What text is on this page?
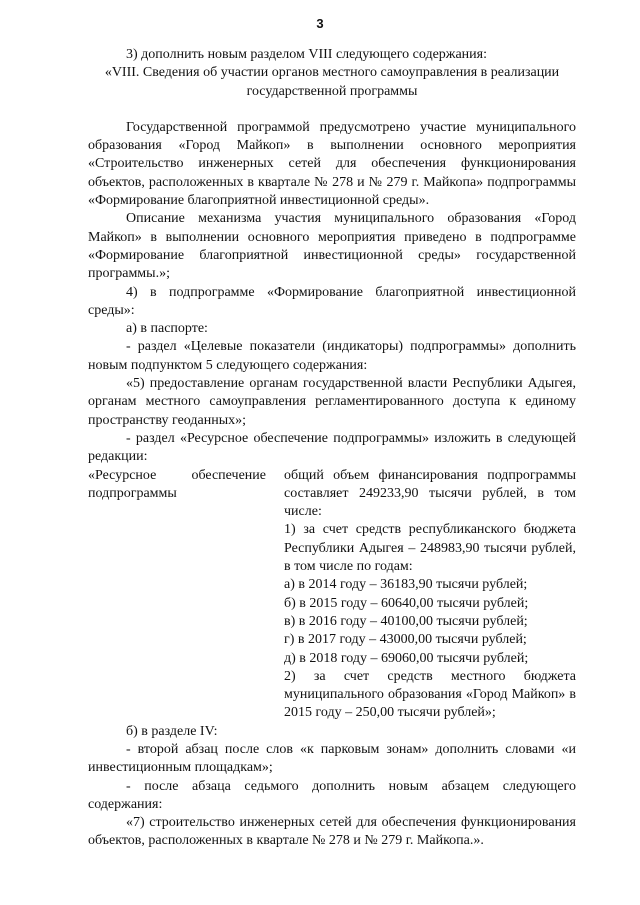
3

3) дополнить новым разделом VIII следующего содержания:

«VIII. Сведения об участии органов местного самоуправления в реализации государственной программы

Государственной программой предусмотрено участие муниципального образования «Город Майкоп» в выполнении основного мероприятия «Строительство инженерных сетей для обеспечения функционирования объектов, расположенных в квартале № 278 и № 279 г. Майкопа» подпрограммы «Формирование благоприятной инвестиционной среды».

Описание механизма участия муниципального образования «Город Майкоп» в выполнении основного мероприятия приведено в подпрограмме «Формирование благоприятной инвестиционной среды» государственной программы.»;

4) в подпрограмме «Формирование благоприятной инвестиционной среды»:

а) в паспорте:

- раздел «Целевые показатели (индикаторы) подпрограммы» дополнить новым подпунктом 5 следующего содержания:

«5) предоставление органам государственной власти Республики Адыгея, органам местного самоуправления регламентированного доступа к единому пространству геоданных»;

- раздел «Ресурсное обеспечение подпрограммы» изложить в следующей редакции:

«Ресурсное обеспечение подпрограммы

общий объем финансирования подпрограммы составляет 249233,90 тысячи рублей, в том числе:

1) за счет средств республиканского бюджета Республики Адыгея – 248983,90 тысячи рублей, в том числе по годам:

а) в 2014 году – 36183,90 тысячи рублей;

б) в 2015 году – 60640,00 тысячи рублей;

в) в 2016 году – 40100,00 тысячи рублей;

г) в 2017 году – 43000,00 тысячи рублей;

д) в 2018 году – 69060,00 тысячи рублей;

2) за счет средств местного бюджета муниципального образования «Город Майкоп» в 2015 году – 250,00 тысячи рублей»;

б) в разделе IV:

- второй абзац после слов «к парковым зонам» дополнить словами «и инвестиционным площадкам»;

- после абзаца седьмого дополнить новым абзацем следующего содержания:

«7) строительство инженерных сетей для обеспечения функционирования объектов, расположенных в квартале № 278 и № 279 г. Майкопа.».
